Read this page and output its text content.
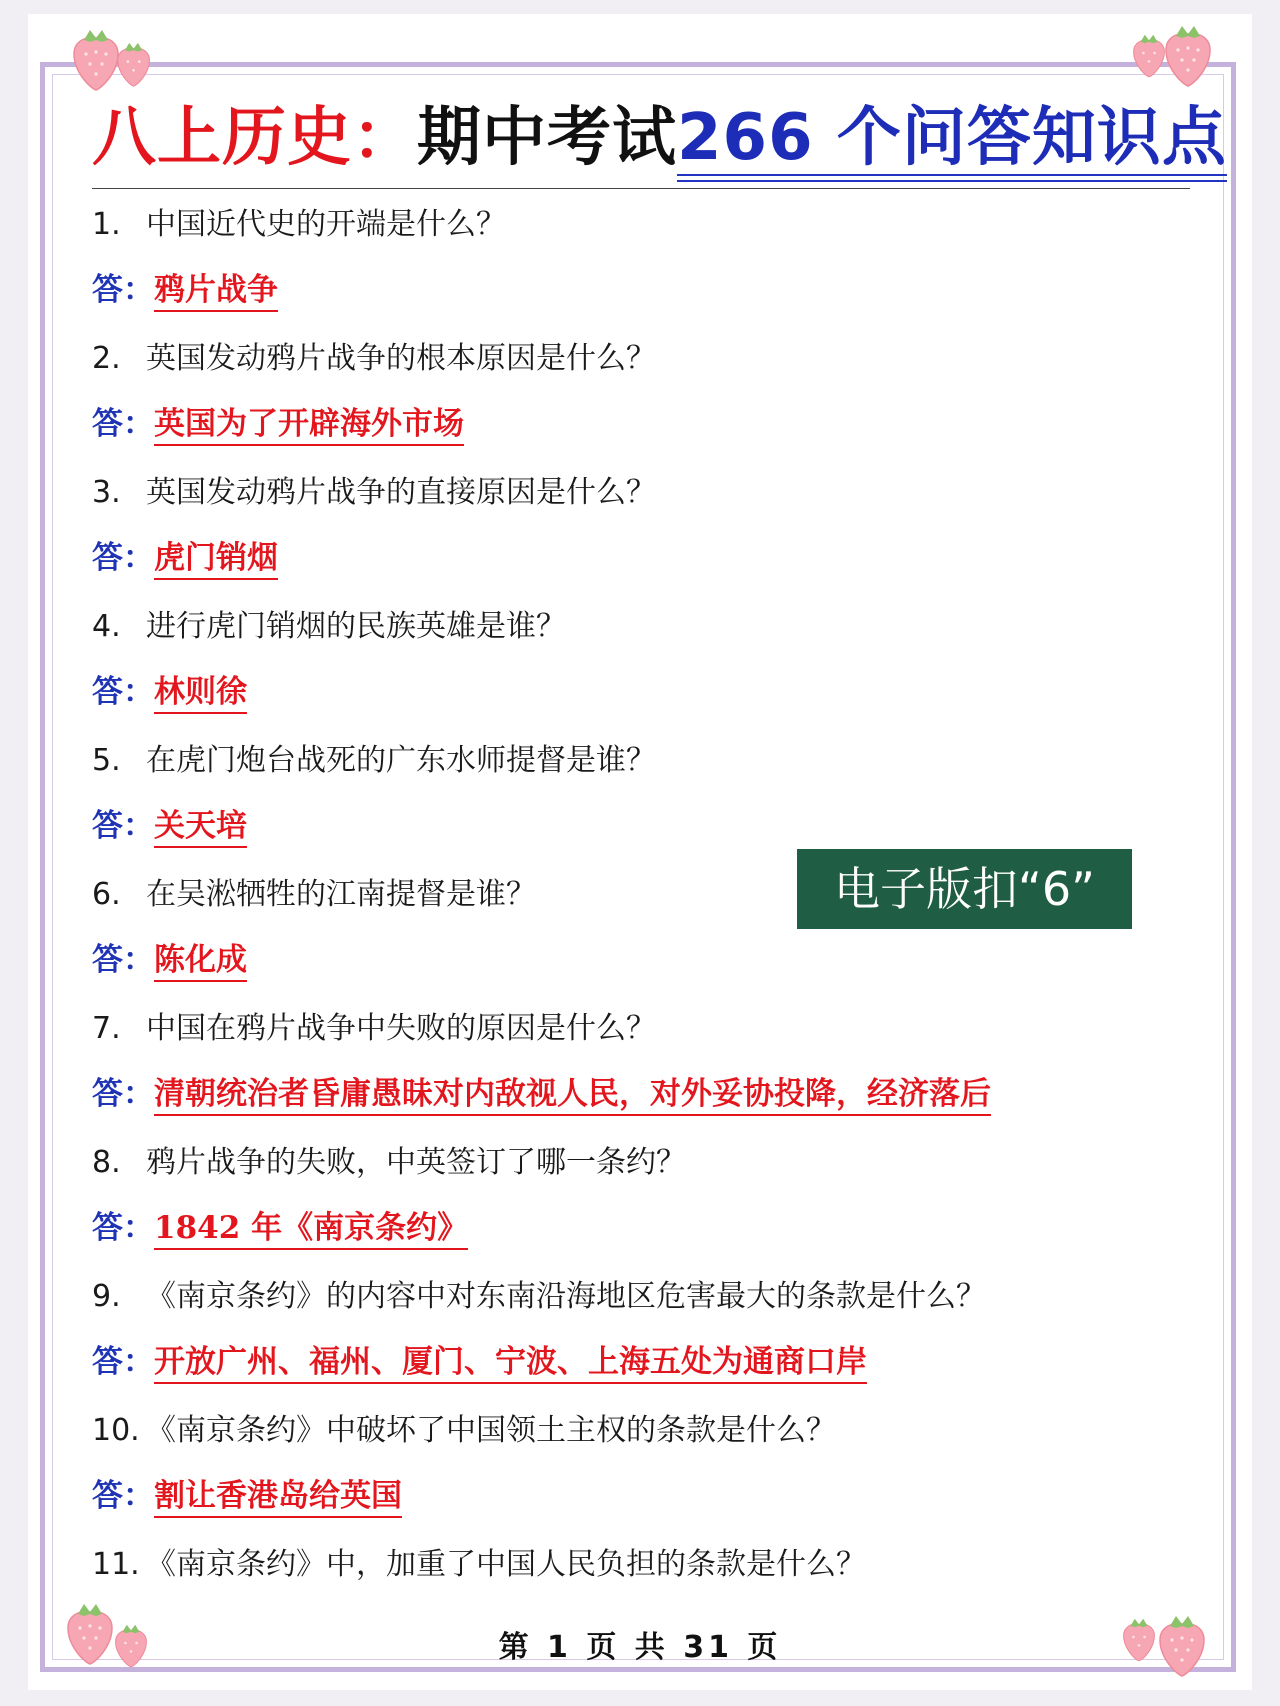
八上历史：期中考试266 个问答知识点
1. 中国近代史的开端是什么？
答：鸦片战争
2. 英国发动鸦片战争的根本原因是什么？
答：英国为了开辟海外市场
3. 英国发动鸦片战争的直接原因是什么？
答：虎门销烟
4. 进行虎门销烟的民族英雄是谁？
答：林则徐
5. 在虎门炮台战死的广东水师提督是谁？
答：关天培
6. 在吴淞牺牲的江南提督是谁？
答：陈化成
7. 中国在鸦片战争中失败的原因是什么？
答：清朝统治者昏庸愚昧对内敌视人民，对外妥协投降，经济落后
8. 鸦片战争的失败，中英签订了哪一条约？
答：1842 年《南京条约》
9. 《南京条约》的内容中对东南沿海地区危害最大的条款是什么？
答：开放广州、福州、厦门、宁波、上海五处为通商口岸
10. 《南京条约》中破坏了中国领土主权的条款是什么？
答：割让香港岛给英国
11. 《南京条约》中，加重了中国人民负担的条款是什么？
电子版扣“6”
第 1 页 共 31 页
